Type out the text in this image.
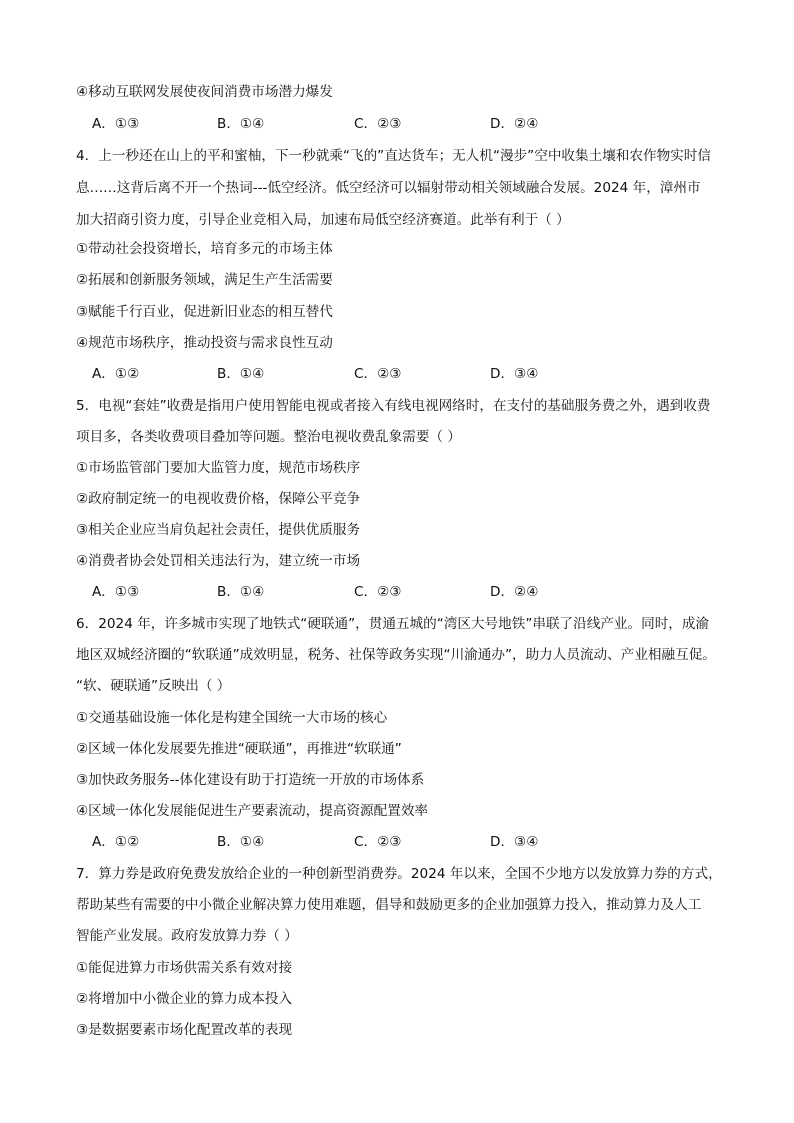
④移动互联网发展使夜间消费市场潜力爆发
A．①③	B．①④	C．②③	D．②④
4．上一秒还在山上的平和蜜柚，下一秒就乘“飞的”直达货车；无人机“漫步”空中收集土壤和农作物实时信
息……这背后离不开一个热词---低空经济。低空经济可以辐射带动相关领域融合发展。2024 年，漳州市
加大招商引资力度，引导企业竞相入局，加速布局低空经济赛道。此举有利于（ ）
①带动社会投资增长，培育多元的市场主体
②拓展和创新服务领域，满足生产生活需要
③赋能千行百业，促进新旧业态的相互替代
④规范市场秩序，推动投资与需求良性互动
A．①②	B．①④	C．②③	D．③④
5．电视“套娃”收费是指用户使用智能电视或者接入有线电视网络时，在支付的基础服务费之外，遇到收费
项目多，各类收费项目叠加等问题。整治电视收费乱象需要（ ）
①市场监管部门要加大监管力度，规范市场秩序
②政府制定统一的电视收费价格，保障公平竞争
③相关企业应当肩负起社会责任，提供优质服务
④消费者协会处罚相关违法行为，建立统一市场
A．①③	B．①④	C．②③	D．②④
6．2024 年，许多城市实现了地铁式“硬联通”，贯通五城的“湾区大号地铁”串联了沿线产业。同时，成渝
地区双城经济圈的“软联通”成效明显，税务、社保等政务实现“川渝通办”，助力人员流动、产业相融互促。
“软、硬联通”反映出（ ）
①交通基础设施一体化是构建全国统一大市场的核心
②区域一体化发展要先推进“硬联通”，再推进“软联通”
③加快政务服务--体化建设有助于打造统一开放的市场体系
④区域一体化发展能促进生产要素流动，提高资源配置效率
A．①②	B．①④	C．②③	D．③④
7．算力券是政府免费发放给企业的一种创新型消费券。2024 年以来，全国不少地方以发放算力券的方式，
帮助某些有需要的中小微企业解决算力使用难题，倡导和鼓励更多的企业加强算力投入，推动算力及人工
智能产业发展。政府发放算力券（ ）
①能促进算力市场供需关系有效对接
②将增加中小微企业的算力成本投入
③是数据要素市场化配置改革的表现
